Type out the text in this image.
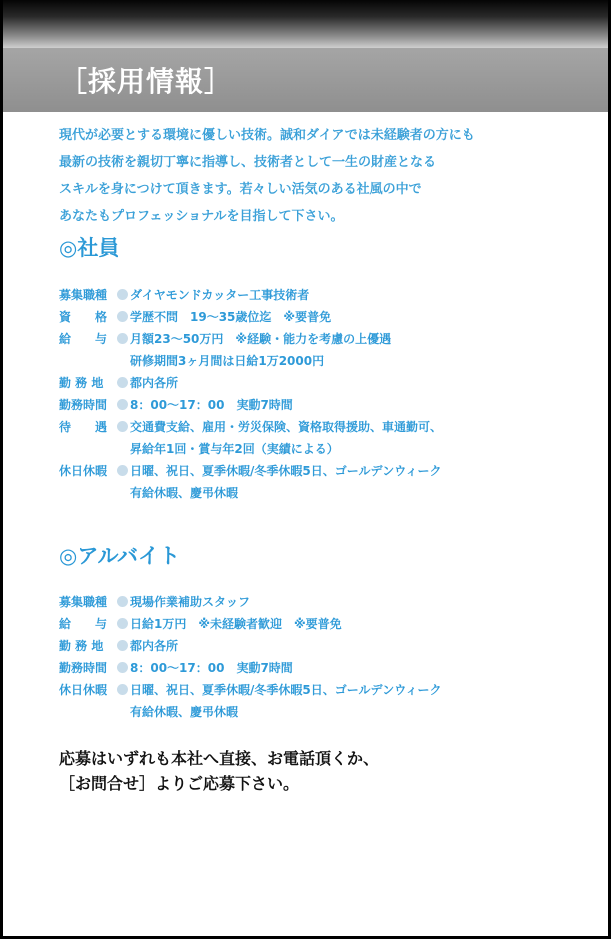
［採用情報］
現代が必要とする環境に優しい技術。誠和ダイアでは未経験者の方にも
最新の技術を親切丁寧に指導し、技術者として一生の財産となる
スキルを身につけて頂きます。若々しい活気のある社風の中で
あなたもプロフェッショナルを目指して下さい。
◎社員
募集職種	ダイヤモンドカッター工事技術者
資　　格	学歴不問　19～35歳位迄　※要普免
給　　与	月額23～50万円　※経験・能力を考慮の上優遇
研修期間3ヶ月間は日給1万2000円
勤 務 地	都内各所
勤務時間	8：00～17：00　実動7時間
待　　遇	交通費支給、雇用・労災保険、資格取得援助、車通勤可、
昇給年1回・賞与年2回（実績による）
休日休暇	日曜、祝日、夏季休暇/冬季休暇5日、ゴールデンウィーク
有給休暇、慶弔休暇
◎アルバイト
募集職種	現場作業補助スタッフ
給　　与	日給1万円　※未経験者歓迎　※要普免
勤 務 地	都内各所
勤務時間	8：00～17：00　実動7時間
休日休暇	日曜、祝日、夏季休暇/冬季休暇5日、ゴールデンウィーク
有給休暇、慶弔休暇
応募はいずれも本社へ直接、お電話頂くか、
［お問合せ］よりご応募下さい。
